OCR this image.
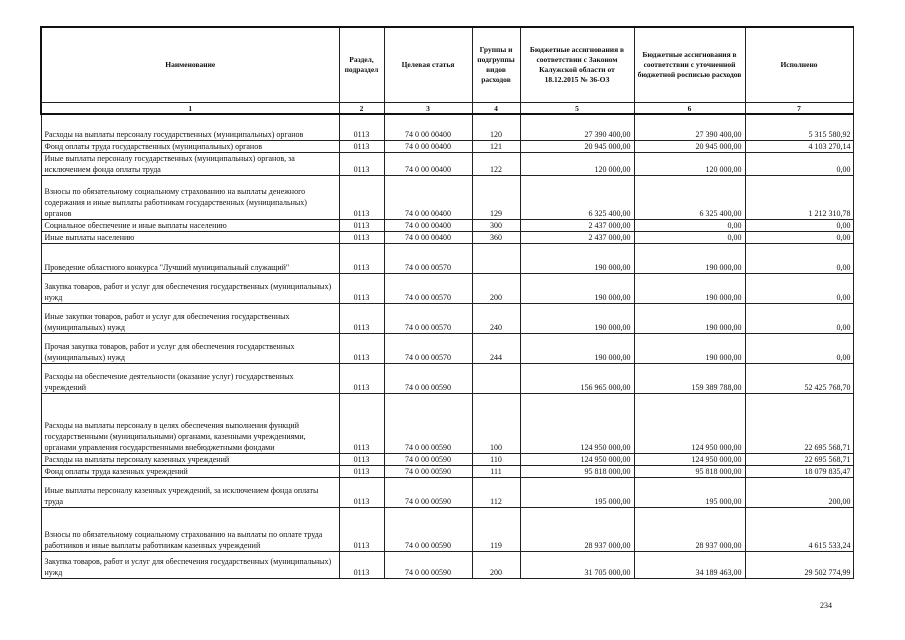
Наименование	Раздел, подраздел	Целевая статья	Группы и подгруппы видов расходов	Бюджетные ассигнования в соответствии с Законом Калужской области от 18.12.2015 № 36-ОЗ	Бюджетные ассигнования в соответствии с уточненной бюджетной росписью расходов	Исполнено
1	2	3	4	5	6	7
Расходы на выплаты персоналу государственных (муниципальных) органов	0113	74 0 00 00400	120	27 390 400,00	27 390 400,00	5 315 580,92
Фонд оплаты труда государственных (муниципальных) органов	0113	74 0 00 00400	121	20 945 000,00	20 945 000,00	4 103 270,14
Иные выплаты персоналу государственных (муниципальных) органов, за исключением фонда оплаты труда	0113	74 0 00 00400	122	120 000,00	120 000,00	0,00
Взносы по обязательному социальному страхованию на выплаты денежного содержания и иные выплаты работникам государственных (муниципальных) органов	0113	74 0 00 00400	129	6 325 400,00	6 325 400,00	1 212 310,78
Социальное обеспечение и иные выплаты населению	0113	74 0 00 00400	300	2 437 000,00	0,00	0,00
Иные выплаты населению	0113	74 0 00 00400	360	2 437 000,00	0,00	0,00
Проведение областного конкурса "Лучший муниципальный служащий"	0113	74 0 00 00570		190 000,00	190 000,00	0,00
Закупка товаров, работ и услуг для обеспечения государственных (муниципальных) нужд	0113	74 0 00 00570	200	190 000,00	190 000,00	0,00
Иные закупки товаров, работ и услуг для обеспечения государственных (муниципальных) нужд	0113	74 0 00 00570	240	190 000,00	190 000,00	0,00
Прочая закупка товаров, работ и услуг для обеспечения государственных (муниципальных) нужд	0113	74 0 00 00570	244	190 000,00	190 000,00	0,00
Расходы на обеспечение деятельности (оказание услуг) государственных учреждений	0113	74 0 00 00590		156 965 000,00	159 389 788,00	52 425 768,70
Расходы на выплаты персоналу в целях обеспечения выполнения функций государственными (муниципальными) органами, казенными учреждениями, органами управления государственными внебюджетными фондами	0113	74 0 00 00590	100	124 950 000,00	124 950 000,00	22 695 568,71
Расходы на выплаты персоналу казенных учреждений	0113	74 0 00 00590	110	124 950 000,00	124 950 000,00	22 695 568,71
Фонд оплаты труда казенных учреждений	0113	74 0 00 00590	111	95 818 000,00	95 818 000,00	18 079 835,47
Иные выплаты персоналу казенных учреждений, за исключением фонда оплаты труда	0113	74 0 00 00590	112	195 000,00	195 000,00	200,00
Взносы по обязательному социальному страхованию на выплаты по оплате труда работников и иные выплаты работникам казенных учреждений	0113	74 0 00 00590	119	28 937 000,00	28 937 000,00	4 615 533,24
Закупка товаров, работ и услуг для обеспечения государственных (муниципальных) нужд	0113	74 0 00 00590	200	31 705 000,00	34 189 463,00	29 502 774,99
234
